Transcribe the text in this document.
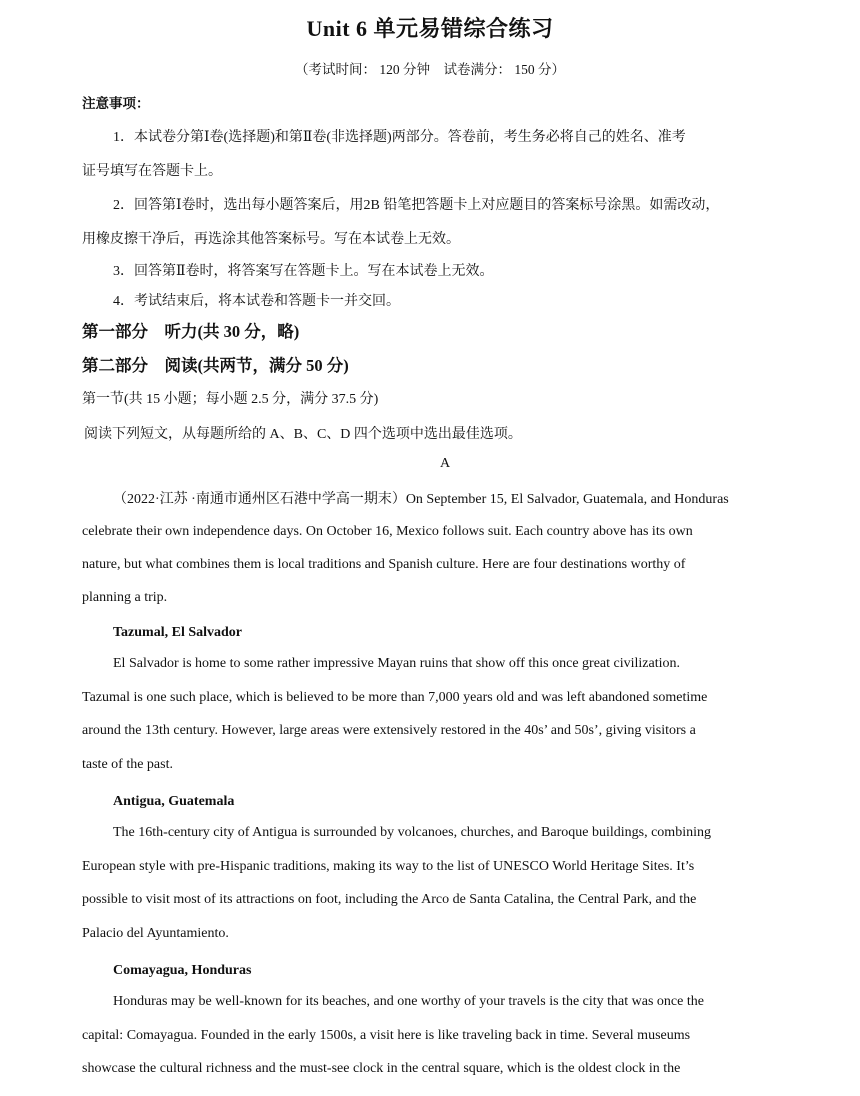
Unit 6 单元易错综合练习
（考试时间： 120 分钟　试卷满分： 150 分）
注意事项：
1．本试卷分第Ⅰ卷(选择题)和第Ⅱ卷(非选择题)两部分。答卷前，考生务必将自己的姓名、准考
证号填写在答题卡上。
2．回答第Ⅰ卷时，选出每小题答案后，用2B 铅笔把答题卡上对应题目的答案标号涂黑。如需改动，
用橡皮擦干净后，再选涂其他答案标号。写在本试卷上无效。
3．回答第Ⅱ卷时，将答案写在答题卡上。写在本试卷上无效。
4．考试结束后，将本试卷和答题卡一并交回。
第一部分　听力(共 30 分，略)
第二部分　阅读(共两节，满分 50 分)
第一节(共 15 小题；每小题 2.5 分，满分 37.5 分)
阅读下列短文，从每题所给的 A、B、C、D 四个选项中选出最佳选项。
A
（2022·江苏 ·南通市通州区石港中学高一期末）On September 15, El Salvador, Guatemala, and Honduras
celebrate their own independence days. On October 16, Mexico follows suit. Each country above has its own
nature, but what combines them is local traditions and Spanish culture. Here are four destinations worthy of
planning a trip.
Tazumal, El Salvador
El Salvador is home to some rather impressive Mayan ruins that show off this once great civilization.
Tazumal is one such place, which is believed to be more than 7,000 years old and was left abandoned sometime
around the 13th century. However, large areas were extensively restored in the 40s’ and 50s’, giving visitors a
taste of the past.
Antigua, Guatemala
The 16th-century city of Antigua is surrounded by volcanoes, churches, and Baroque buildings, combining
European style with pre-Hispanic traditions, making its way to the list of UNESCO World Heritage Sites. It’s
possible to visit most of its attractions on foot, including the Arco de Santa Catalina, the Central Park, and the
Palacio del Ayuntamiento.
Comayagua, Honduras
Honduras may be well-known for its beaches, and one worthy of your travels is the city that was once the
capital: Comayagua. Founded in the early 1500s, a visit here is like traveling back in time. Several museums
showcase the cultural richness and the must-see clock in the central square, which is the oldest clock in the
